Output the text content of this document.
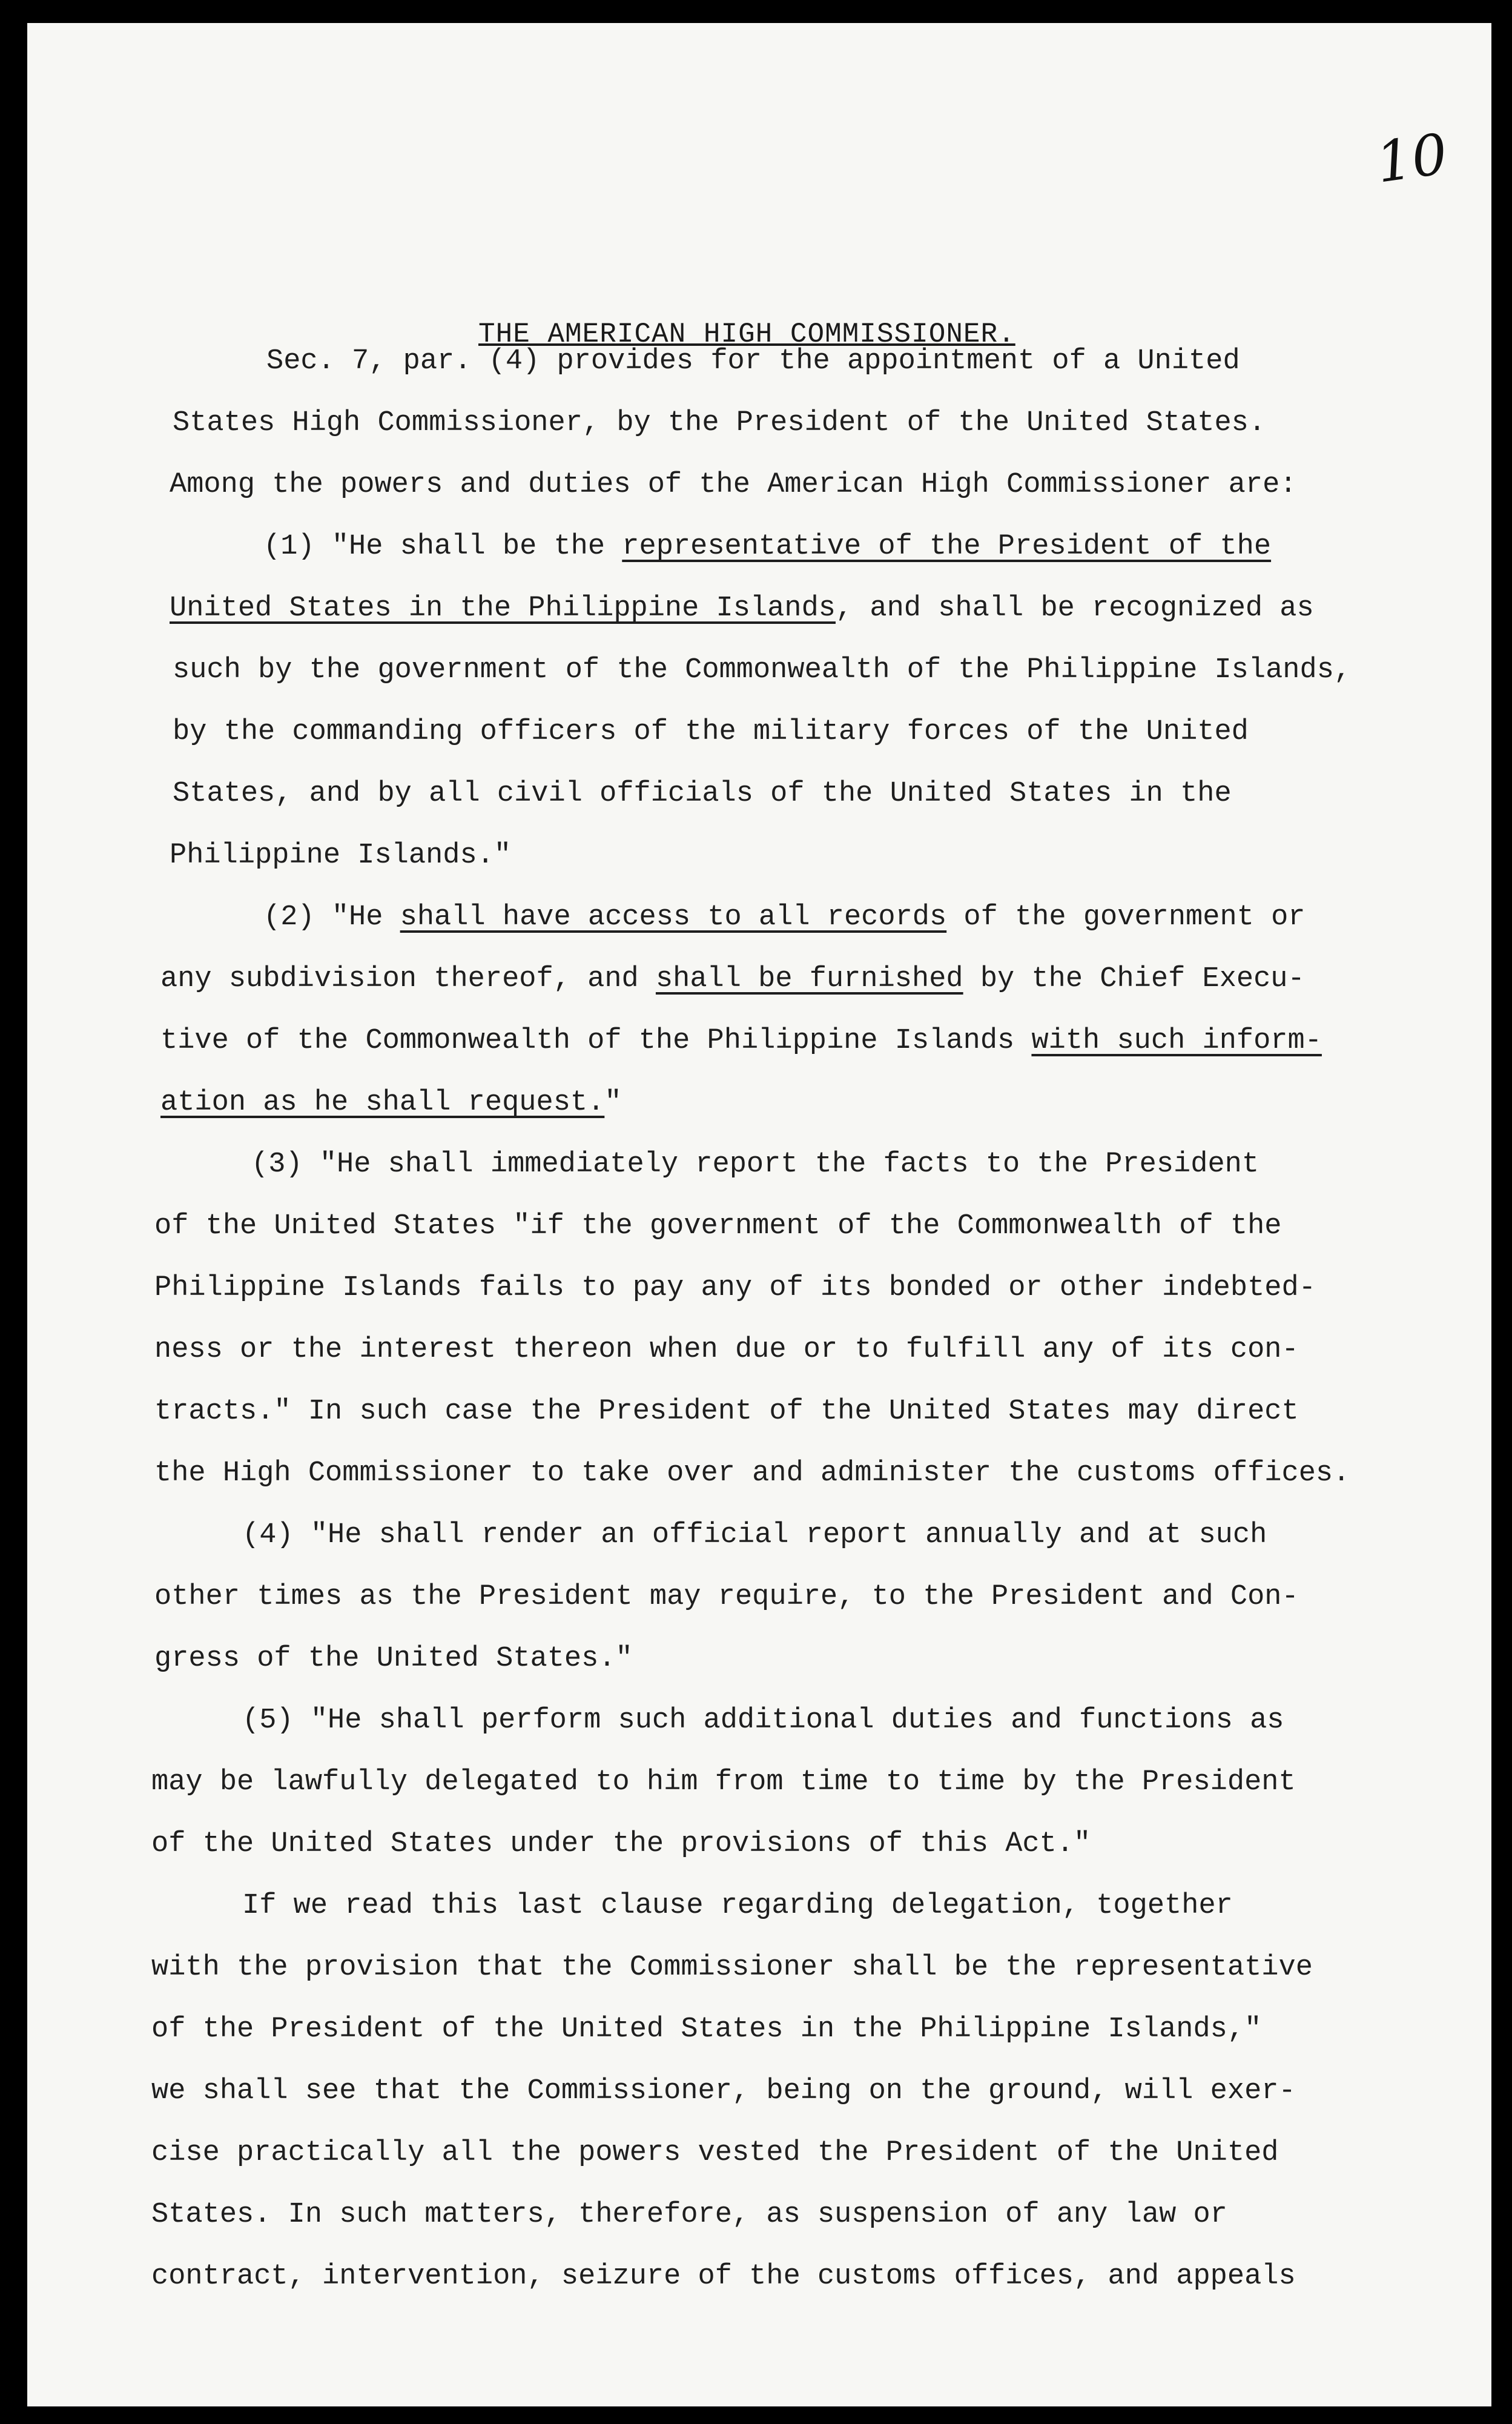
10
THE AMERICAN HIGH COMMISSIONER.
Sec. 7, par. (4) provides for the appointment of a United
States High Commissioner, by the President of the United States.
Among the powers and duties of the American High Commissioner are:
(1) "He shall be the representative of the President of the
United States in the Philippine Islands, and shall be recognized as
such by the government of the Commonwealth of the Philippine Islands,
by the commanding officers of the military forces of the United
States, and by all civil officials of the United States in the
Philippine Islands."
(2) "He shall have access to all records of the government or
any subdivision thereof, and shall be furnished by the Chief Execu-
tive of the Commonwealth of the Philippine Islands with such inform-
ation as he shall request."
(3) "He shall immediately report the facts to the President
of the United States "if the government of the Commonwealth of the
Philippine Islands fails to pay any of its bonded or other indebted-
ness or the interest thereon when due or to fulfill any of its con-
tracts." In such case the President of the United States may direct
the High Commissioner to take over and administer the customs offices.
(4) "He shall render an official report annually and at such
other times as the President may require, to the President and Con-
gress of the United States."
(5) "He shall perform such additional duties and functions as
may be lawfully delegated to him from time to time by the President
of the United States under the provisions of this Act."
If we read this last clause regarding delegation, together
with the provision that the Commissioner shall be the representative
of the President of the United States in the Philippine Islands,"
we shall see that the Commissioner, being on the ground, will exer-
cise practically all the powers vested the President of the United
States. In such matters, therefore, as suspension of any law or
contract, intervention, seizure of the customs offices, and appeals
